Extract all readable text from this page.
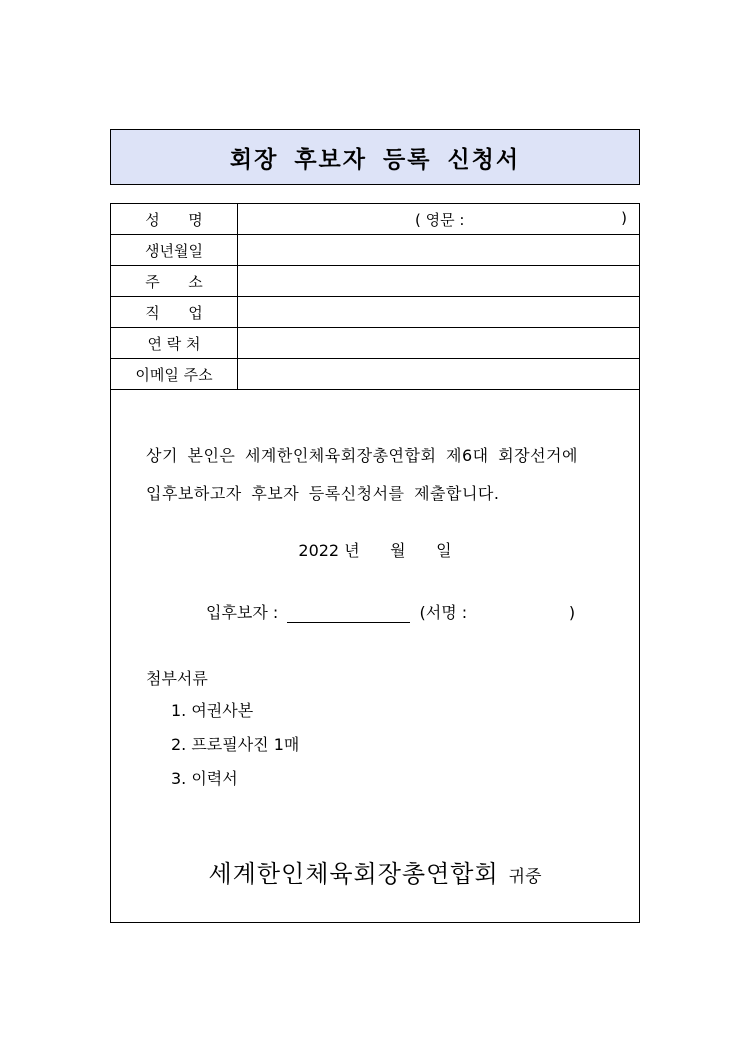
회장 후보자 등록 신청서
성      명	( 영문 : )

생년월일	
주      소	
직      업	
연 락 처	
이메일 주소	
상기 본인은 세계한인체육회장총연합회 제6대 회장선거에
입후보하고자 후보자 등록신청서를 제출합니다.
2022 년      월      일
입후보자 :	(서명 :	)
첨부서류
1. 여권사본
2. 프로필사진 1매
3. 이력서
세계한인체육회장총연합회 귀중
